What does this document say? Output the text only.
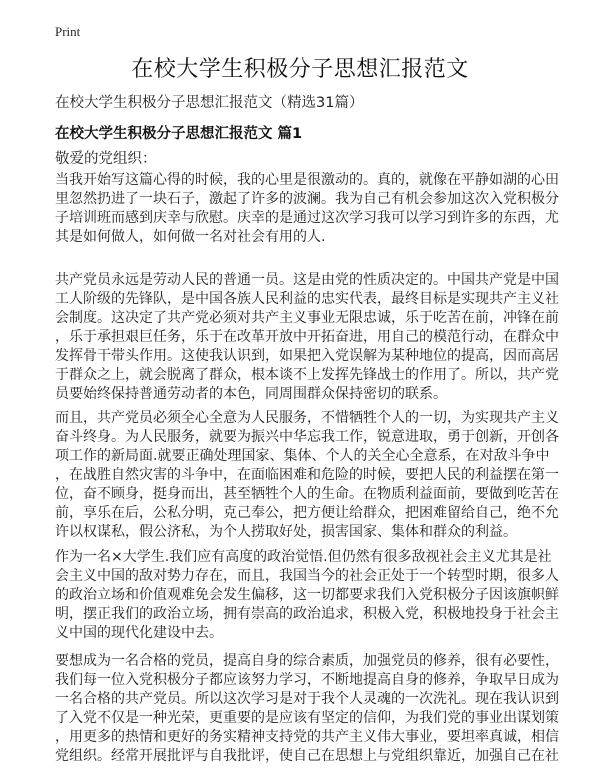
Print
在校大学生积极分子思想汇报范文
在校大学生积极分子思想汇报范文（精选31篇）
在校大学生积极分子思想汇报范文 篇1
敬爱的党组织：
当我开始写这篇心得的时候，我的心里是很激动的。真的，就像在平静如湖的心田
里忽然扔进了一块石子，激起了许多的波澜。我为自己有机会参加这次入党积极分
子培训班而感到庆幸与欣慰。庆幸的是通过这次学习我可以学习到许多的东西，尤
其是如何做人，如何做一名对社会有用的人.
共产党员永远是劳动人民的普通一员。这是由党的性质决定的。中国共产党是中国
工人阶级的先锋队，是中国各族人民利益的忠实代表，最终目标是实现共产主义社
会制度。这决定了共产党必须对共产主义事业无限忠诚，乐于吃苦在前，冲锋在前
，乐于承担艰巨任务，乐于在改革开放中开拓奋进，用自己的模范行动，在群众中
发挥骨干带头作用。这使我认识到，如果把入党误解为某种地位的提高，因而高居
于群众之上，就会脱离了群众，根本谈不上发挥先锋战士的作用了。所以，共产党
员要始终保持普通劳动者的本色，同周围群众保持密切的联系。
而且，共产党员必须全心全意为人民服务，不惜牺牲个人的一切，为实现共产主义
奋斗终身。为人民服务，就要为振兴中华忘我工作，锐意进取，勇于创新，开创各
项工作的新局面.就要正确处理国家、集体、个人的关全心全意系，在对敌斗争中
，在战胜自然灾害的斗争中，在面临困难和危险的时候，要把人民的利益摆在第一
位，奋不顾身，挺身而出，甚至牺牲个人的生命。在物质利益面前，要做到吃苦在
前，享乐在后，公私分明，克己奉公，把方便让给群众，把困难留给自己，绝不允
许以权谋私，假公济私，为个人捞取好处，损害国家、集体和群众的利益。
作为一名×大学生.我们应有高度的政治觉悟.但仍然有很多敌视社会主义尤其是社
会主义中国的敌对势力存在，而且，我国当今的社会正处于一个转型时期，很多人
的政治立场和价值观难免会发生偏移，这一切都要求我们入党积极分子因该旗帜鲜
明，摆正我们的政治立场，拥有崇高的政治追求，积极入党，积极地投身于社会主
义中国的现代化建设中去。
要想成为一名合格的党员，提高自身的综合素质，加强党员的修养，很有必要性，
我们每一位入党积极分子都应该努力学习，不断地提高自身的修养，争取早日成为
一名合格的共产党员。所以这次学习是对于我个人灵魂的一次洗礼。现在我认识到
了入党不仅是一种光荣，更重要的是应该有坚定的信仰，为我们党的事业出谋划策
，用更多的热情和更好的务实精神支持党的共产主义伟大事业，要坦率真诚，相信
党组织。经常开展批评与自我批评，使自己在思想上与党组织靠近，加强自己在社
